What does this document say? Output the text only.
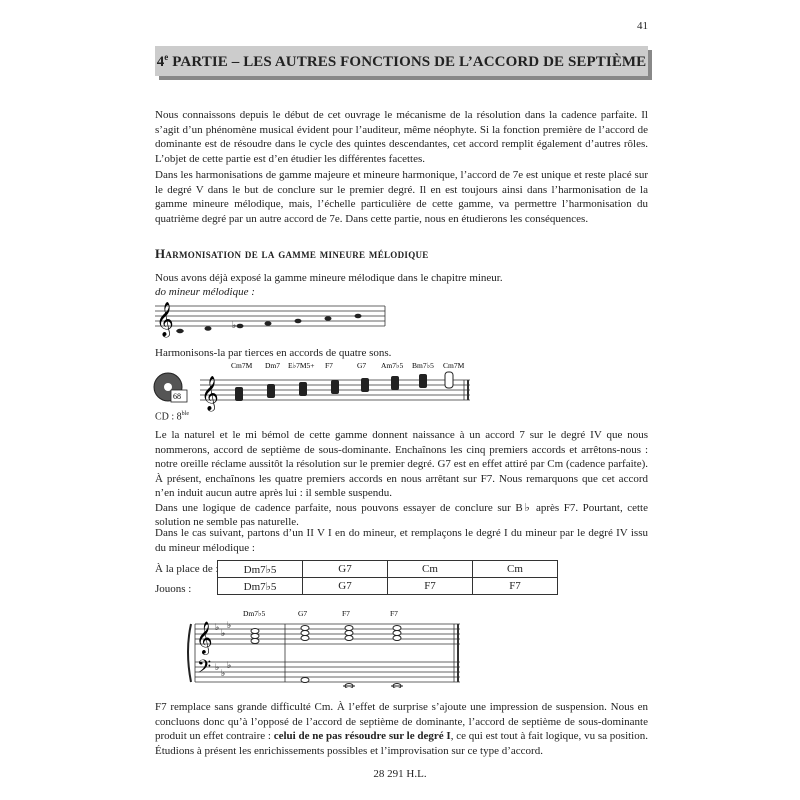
41
4e PARTIE – LES AUTRES FONCTIONS DE L’ACCORD DE SEPTIÈME

Nous connaissons depuis le début de cet ouvrage le mécanisme de la résolution dans la cadence parfaite. Il s’agit d’un phénomène musical évident pour l’auditeur, même néophyte. Si la fonction première de l’accord de dominante est de résoudre dans le cycle des quintes descendantes, cet accord remplit également d’autres rôles. L’objet de cette partie est d’en étudier les différentes facettes.

Dans les harmonisations de gamme majeure et mineure harmonique, l’accord de 7e est unique et reste placé sur le degré V dans le but de conclure sur le premier degré. Il en est toujours ainsi dans l’harmonisation de la gamme mineure mélodique, mais, l’échelle particulière de cette gamme, va permettre l’harmonisation du quatrième degré par un autre accord de 7e. Dans cette partie, nous en étudierons les conséquences.

Harmonisation de la gamme mineure mélodique
Nous avons déjà exposé la gamme mineure mélodique dans le chapitre mineur.
do mineur mélodique :
𝄞	♭
Harmonisons-la par tierces en accords de quatre sons.
68
CD : $8^{ble}$
Cm7M Dm7 E♭7M5+ F7	G7 Am7♭5 Bm7♭5 Cm7M
𝄞

Le la naturel et le mi bémol de cette gamme donnent naissance à un accord 7 sur le degré IV que nous nommerons, accord de septième de sous-dominante. Enchaînons les cinq premiers accords et arrêtons-nous : notre oreille réclame aussitôt la résolution sur le premier degré. G7 est en effet attiré par Cm (cadence parfaite). À présent, enchaînons les quatre premiers accords en nous arrêtant sur F7. Nous remarquons que cet accord n’en induit aucun autre après lui : il semble suspendu.
Dans une logique de cadence parfaite, nous pouvons essayer de conclure sur B♭ après F7. Pourtant, cette solution ne semble pas naturelle.

Dans le cas suivant, partons d’un II V I en do mineur, et remplaçons le degré I du mineur par le degré IV issu du mineur mélodique :

À la place de :
Jouons :
Dm7♭5	G7	Cm	Cm
Dm7♭5	G7	F7	F7
Dm7♭5	G7	F7	F7
𝄞
𝄢
♭
♭
♭
♭
♭
♭

F7 remplace sans grande difficulté Cm. À l’effet de surprise s’ajoute une impression de suspension. Nous en concluons donc qu’à l’opposé de l’accord de septième de dominante, l’accord de septième de sous-dominante produit un effet contraire : celui de ne pas résoudre sur le degré I, ce qui est tout à fait logique, vu sa position. Étudions à présent les enrichissements possibles et l’improvisation sur ce type d’accord.

28 291 H.L.
